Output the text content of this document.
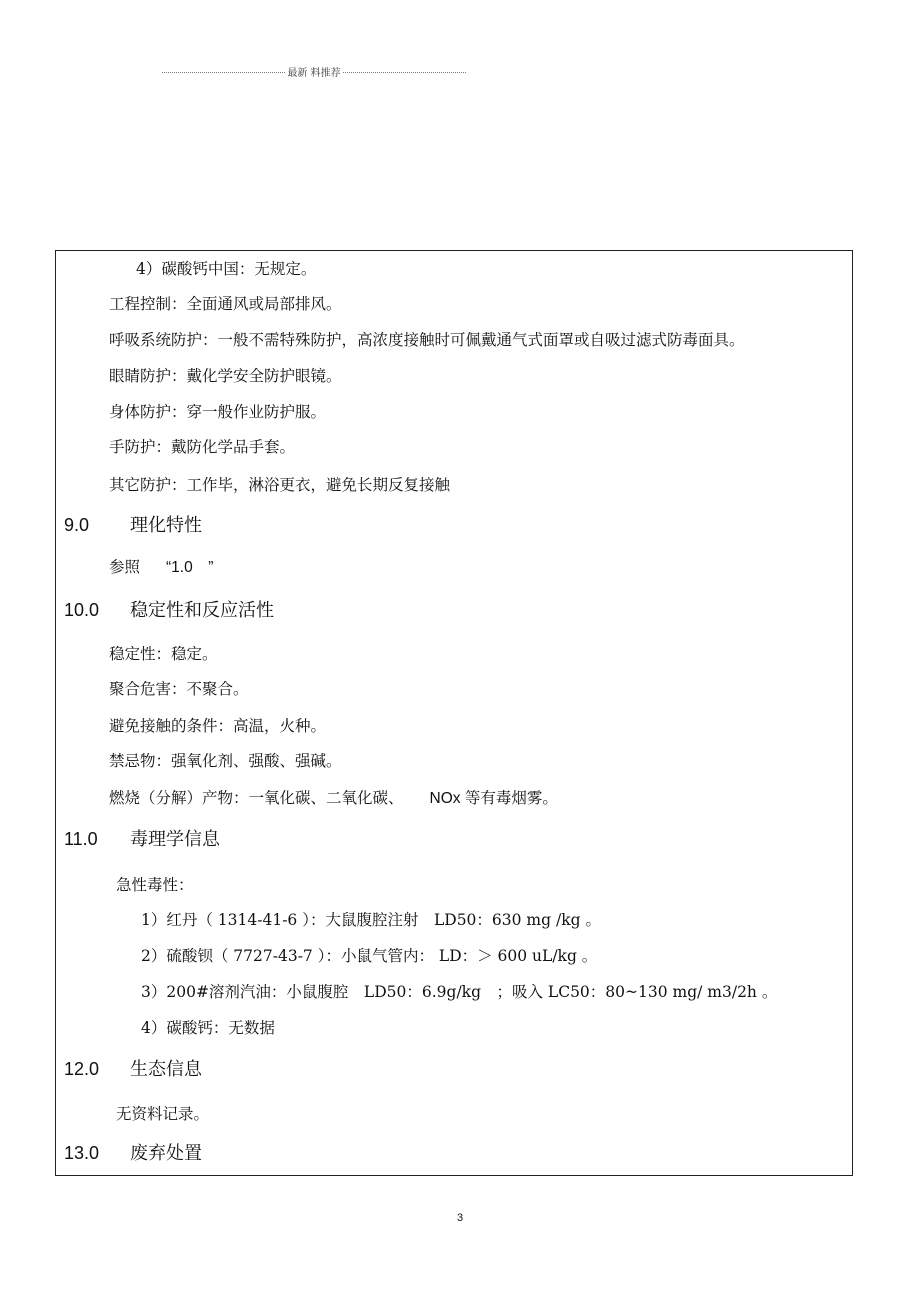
最新 料推荐
4）碳酸钙中国：无规定。
工程控制：全面通风或局部排风。
呼吸系统防护：一般不需特殊防护，高浓度接触时可佩戴通气式面罩或自吸过滤式防毒面具。
眼睛防护：戴化学安全防护眼镜。
身体防护：穿一般作业防护服。
手防护：戴防化学品手套。
其它防护：工作毕，淋浴更衣，避免长期反复接触
9.0 理化特性
参照 “1.0　”
10.0 稳定性和反应活性
稳定性：稳定。
聚合危害：不聚合。
避免接触的条件：高温，火种。
禁忌物：强氧化剂、强酸、强碱。
燃烧（分解）产物：一氧化碳、二氧化碳、 NOx 等有毒烟雾。
11.0 毒理学信息
急性毒性：
1）红丹（ 1314-41-6 ）：大鼠腹腔注射　LD50：630 mg /kg 。
2）硫酸钡（ 7727-43-7 ）：小鼠气管内： LD：＞ 600 uL/kg 。
3）200#溶剂汽油：小鼠腹腔　LD50：6.9g/kg　；吸入 LC50：80~130 mg/ m3/2h 。
4）碳酸钙：无数据
12.0 生态信息
无资料记录。
13.0 废弃处置
3
